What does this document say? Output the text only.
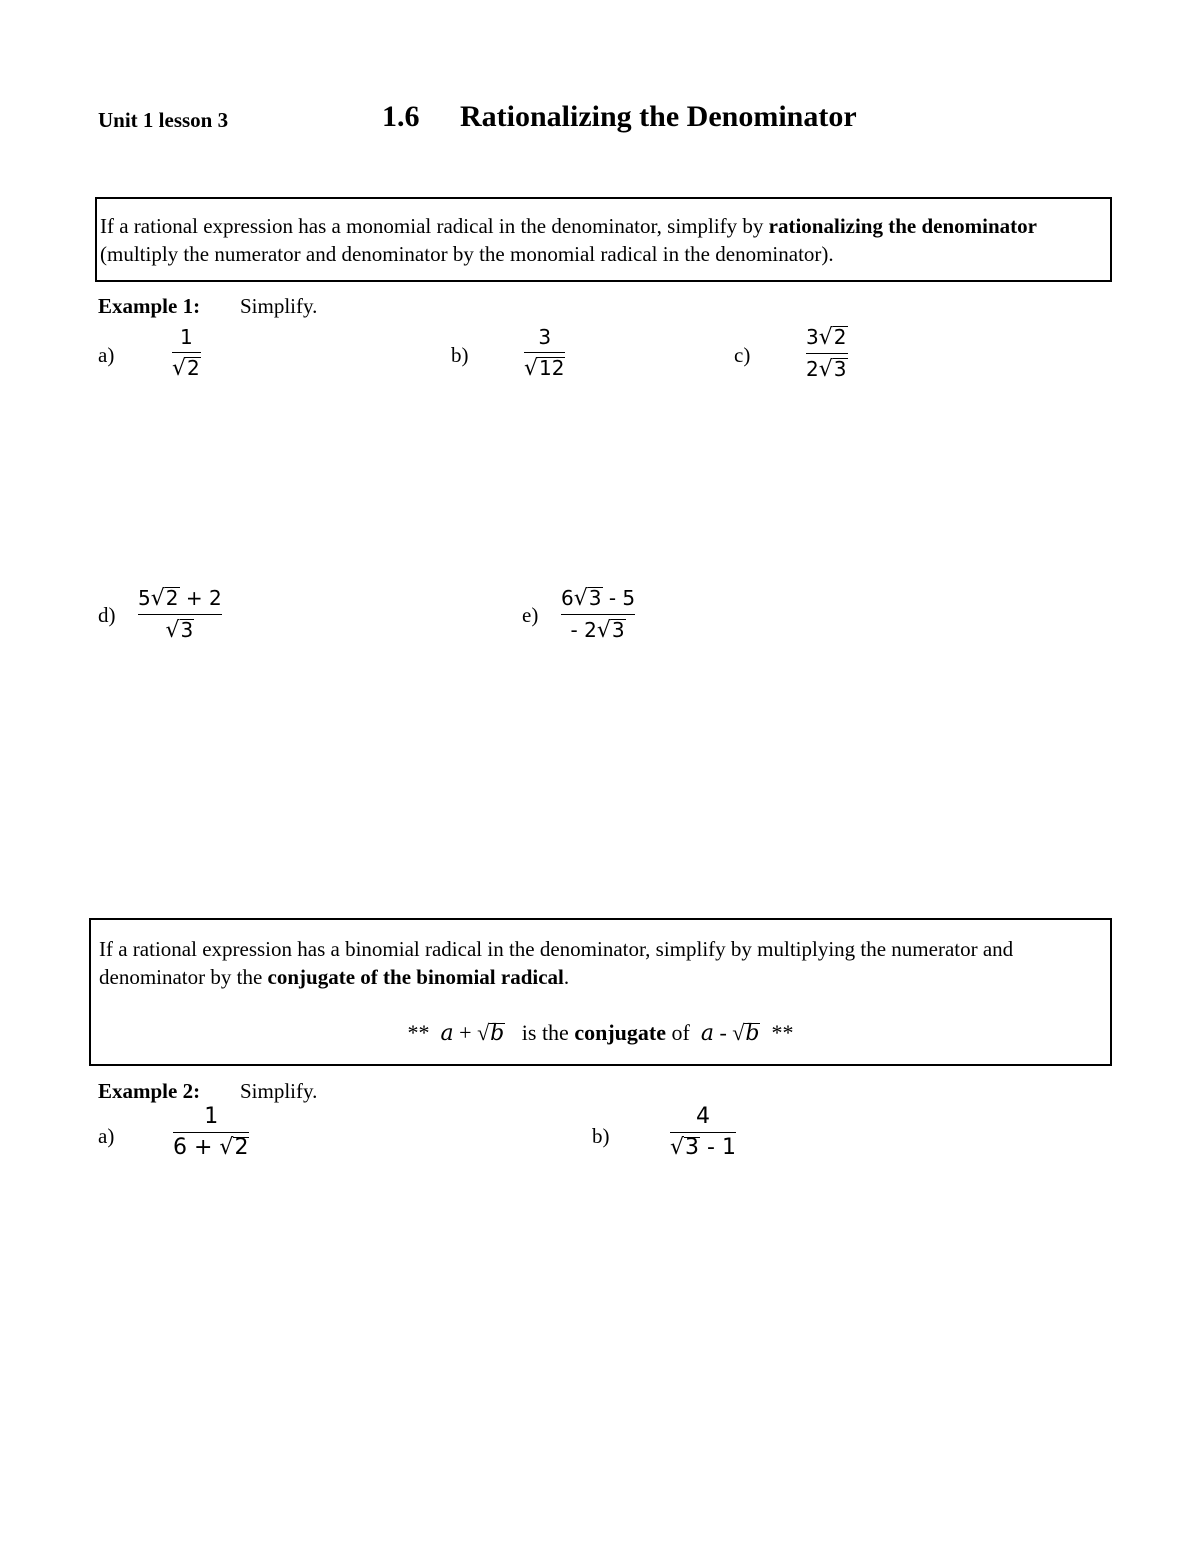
Unit 1 lesson 3	1.6 Rationalizing the Denominator
If a rational expression has a monomial radical in the denominator, simplify by rationalizing the denominator (multiply the numerator and denominator by the monomial radical in the denominator).
Example 1: Simplify.
a)
1
√2
b)
3
√12
c)
3√2
2√3
d)
5√2 + 2
√3
e)
6√3 - 5
- 2√3
If a rational expression has a binomial radical in the denominator, simplify by multiplying the numerator and denominator by the conjugate of the binomial radical.
** a + √b is the conjugate of a - √b **
Example 2: Simplify.
a)
1
6 + √2	b)
4
√3 - 1
